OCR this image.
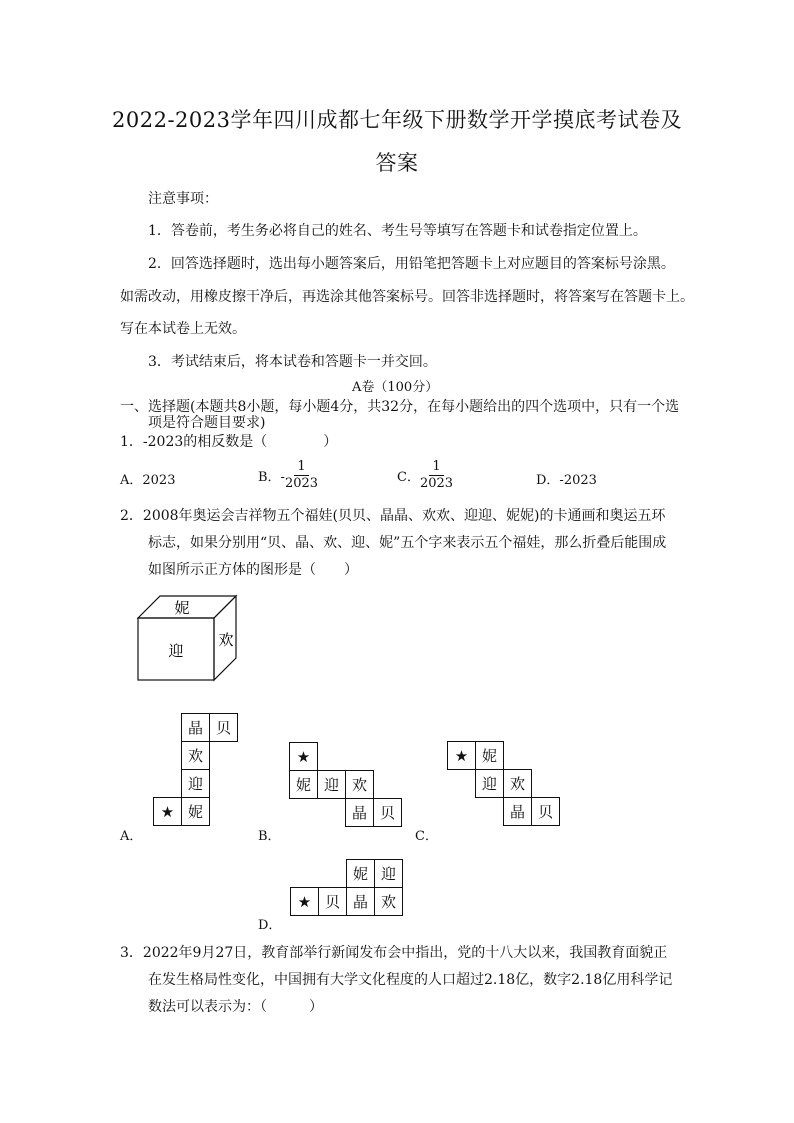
2022-2023学年四川成都七年级下册数学开学摸底考试卷及
答案
注意事项：
1．答卷前，考生务必将自己的姓名、考生号等填写在答题卡和试卷指定位置上。
2．回答选择题时，选出每小题答案后，用铅笔把答题卡上对应题目的答案标号涂黑。
如需改动，用橡皮擦干净后，再选涂其他答案标号。回答非选择题时，将答案写在答题卡上。
写在本试卷上无效。
3．考试结束后，将本试卷和答题卡一并交回。
A卷（100分）
一、选择题(本题共8小题，每小题4分，共32分，在每小题给出的四个选项中，只有一个选
项是符合题目要求)
1．-2023的相反数是（　　　　）
A．2023	B．- $\frac{1}{2023}$	C． $\frac{1}{2023}$	D．-2023
2．2008年奥运会吉祥物五个福娃(贝贝、晶晶、欢欢、迎迎、妮妮)的卡通画和奥运五环
标志，如果分别用“贝、晶、欢、迎、妮”五个字来表示五个福娃，那么折叠后能围成
如图所示正方体的图形是（　　）
妮
迎
欢
晶 贝
欢
迎
★ 妮
A．
★
妮 迎 欢
晶 贝
B．
★ 妮
迎 欢
晶 贝
C．
妮 迎
★ 贝 晶 欢
D．
3．2022年9月27日，教育部举行新闻发布会中指出，党的十八大以来，我国教育面貌正
在发生格局性变化，中国拥有大学文化程度的人口超过2.18亿，数字2.18亿用科学记
数法可以表示为：（　　　）
